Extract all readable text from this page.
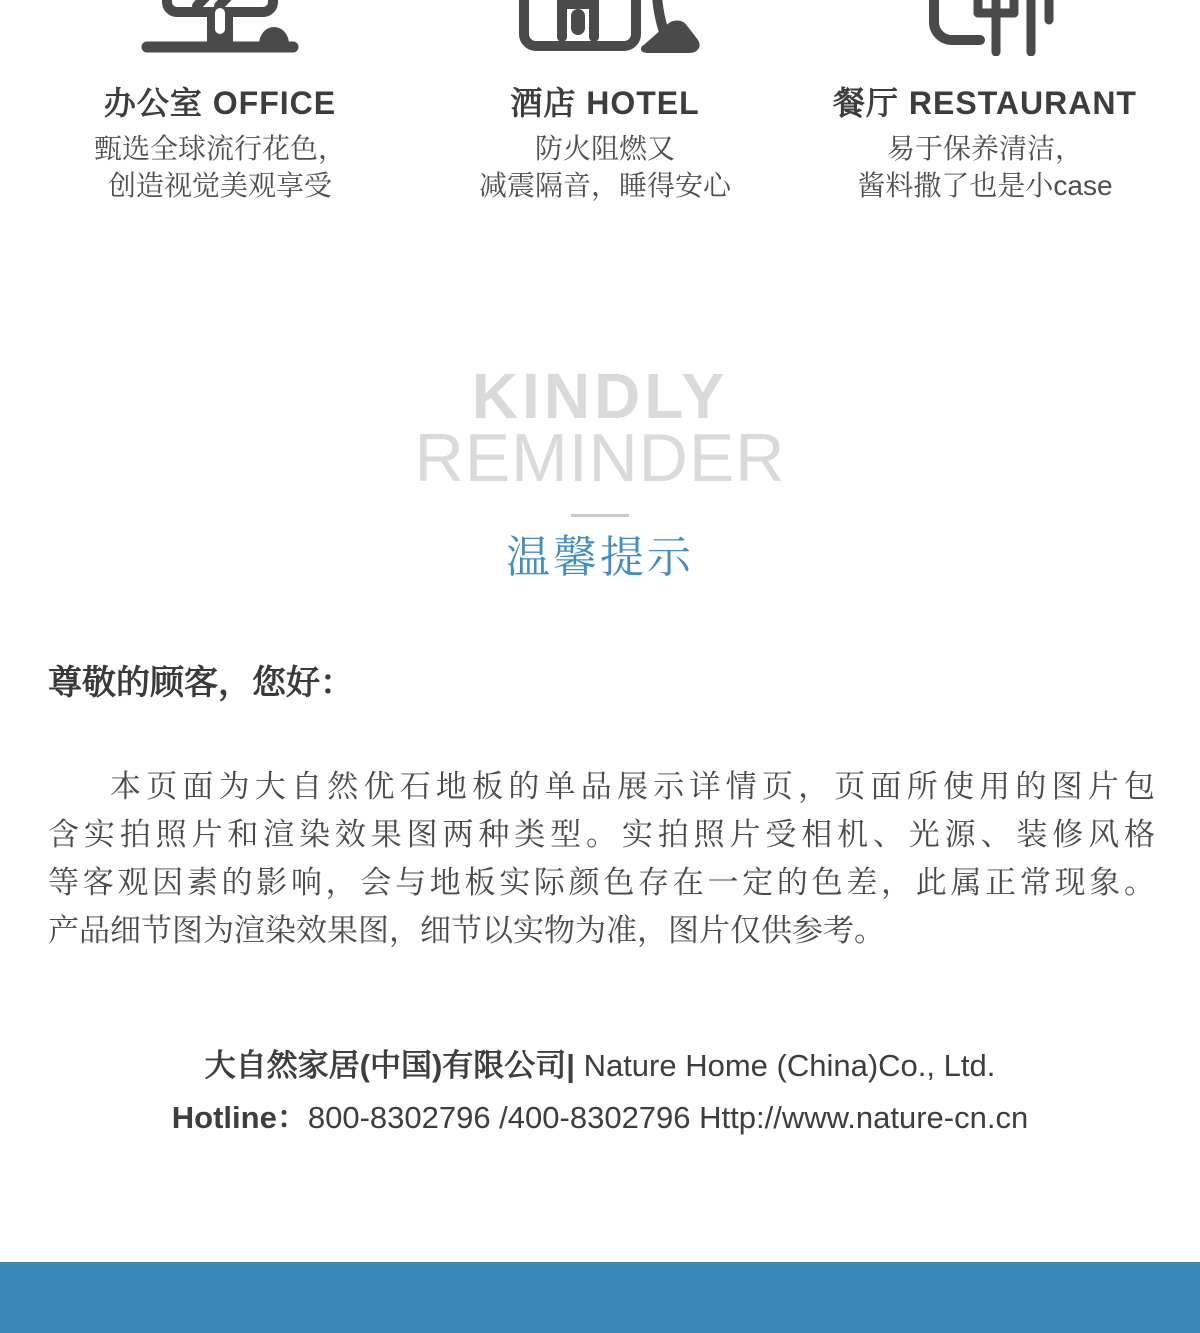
办公室 OFFICE
甄选全球流行花色，
创造视觉美观享受
酒店 HOTEL
防火阻燃又
减震隔音，睡得安心
餐厅 RESTAURANT
易于保养清洁，
酱料撒了也是小case
KINDLY
REMINDER
温馨提示
尊敬的顾客，您好：
本页面为大自然优石地板的单品展示详情页，页面所使用的图片包
含实拍照片和渲染效果图两种类型。实拍照片受相机、光源、装修风格
等客观因素的影响，会与地板实际颜色存在一定的色差，此属正常现象。
产品细节图为渲染效果图，细节以实物为准，图片仅供参考。
大自然家居(中国)有限公司| Nature Home (China)Co., Ltd.
Hotline：800-8302796 /400-8302796 Http://www.nature-cn.cn
